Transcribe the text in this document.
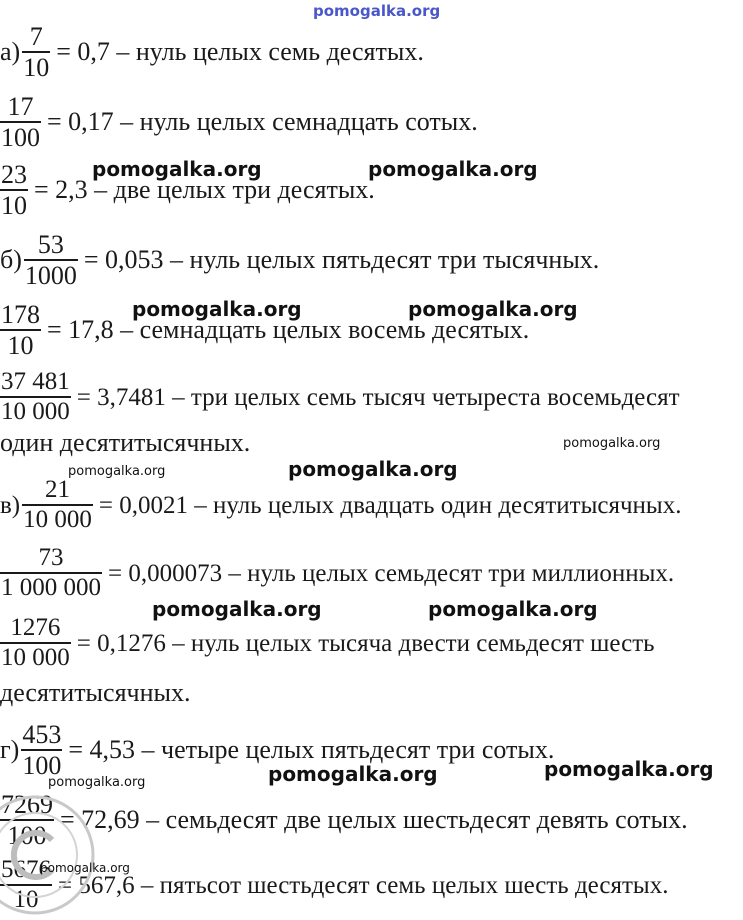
pomogalka.org
$а) \frac{7}{10} = 0,7$ – нуль целых семь десятых.
$\frac{17}{100} = 0,17$ – нуль целых семнадцать сотых.
$\frac{23}{10} = 2,3$ – две целых три десятых.
$б) \frac{53}{1000} = 0,053$ – нуль целых пятьдесят три тысячных.
$\frac{178}{10} = 17,8$ – семнадцать целых восемь десятых.
$\frac{37 481}{10 000} = 3,7481$ – три целых семь тысяч четыреста восемьдесят
один десятитысячных.
$в) \frac{21}{10 000} = 0,0021$ – нуль целых двадцать один десятитысячных.
$\frac{73}{1 000 000} = 0,000073$ – нуль целых семьдесят три миллионных.
$\frac{1276}{10 000} = 0,1276$ – нуль целых тысяча двести семьдесят шесть
десятитысячных.
$г) \frac{453}{100} = 4,53$ – четыре целых пятьдесят три сотых.
$\frac{7269}{100} = 72,69$ – семьдесят две целых шестьдесят девять сотых.
$\frac{5676}{10} = 567,6$ – пятьсот шестьдесят семь целых шесть десятых.
pomogalka.org	pomogalka.org
pomogalka.org	pomogalka.org
pomogalka.org
pomogalka.org	pomogalka.org
pomogalka.org	pomogalka.org
pomogalka.org	pomogalka.org
pomogalka.org
pomogalka.org
